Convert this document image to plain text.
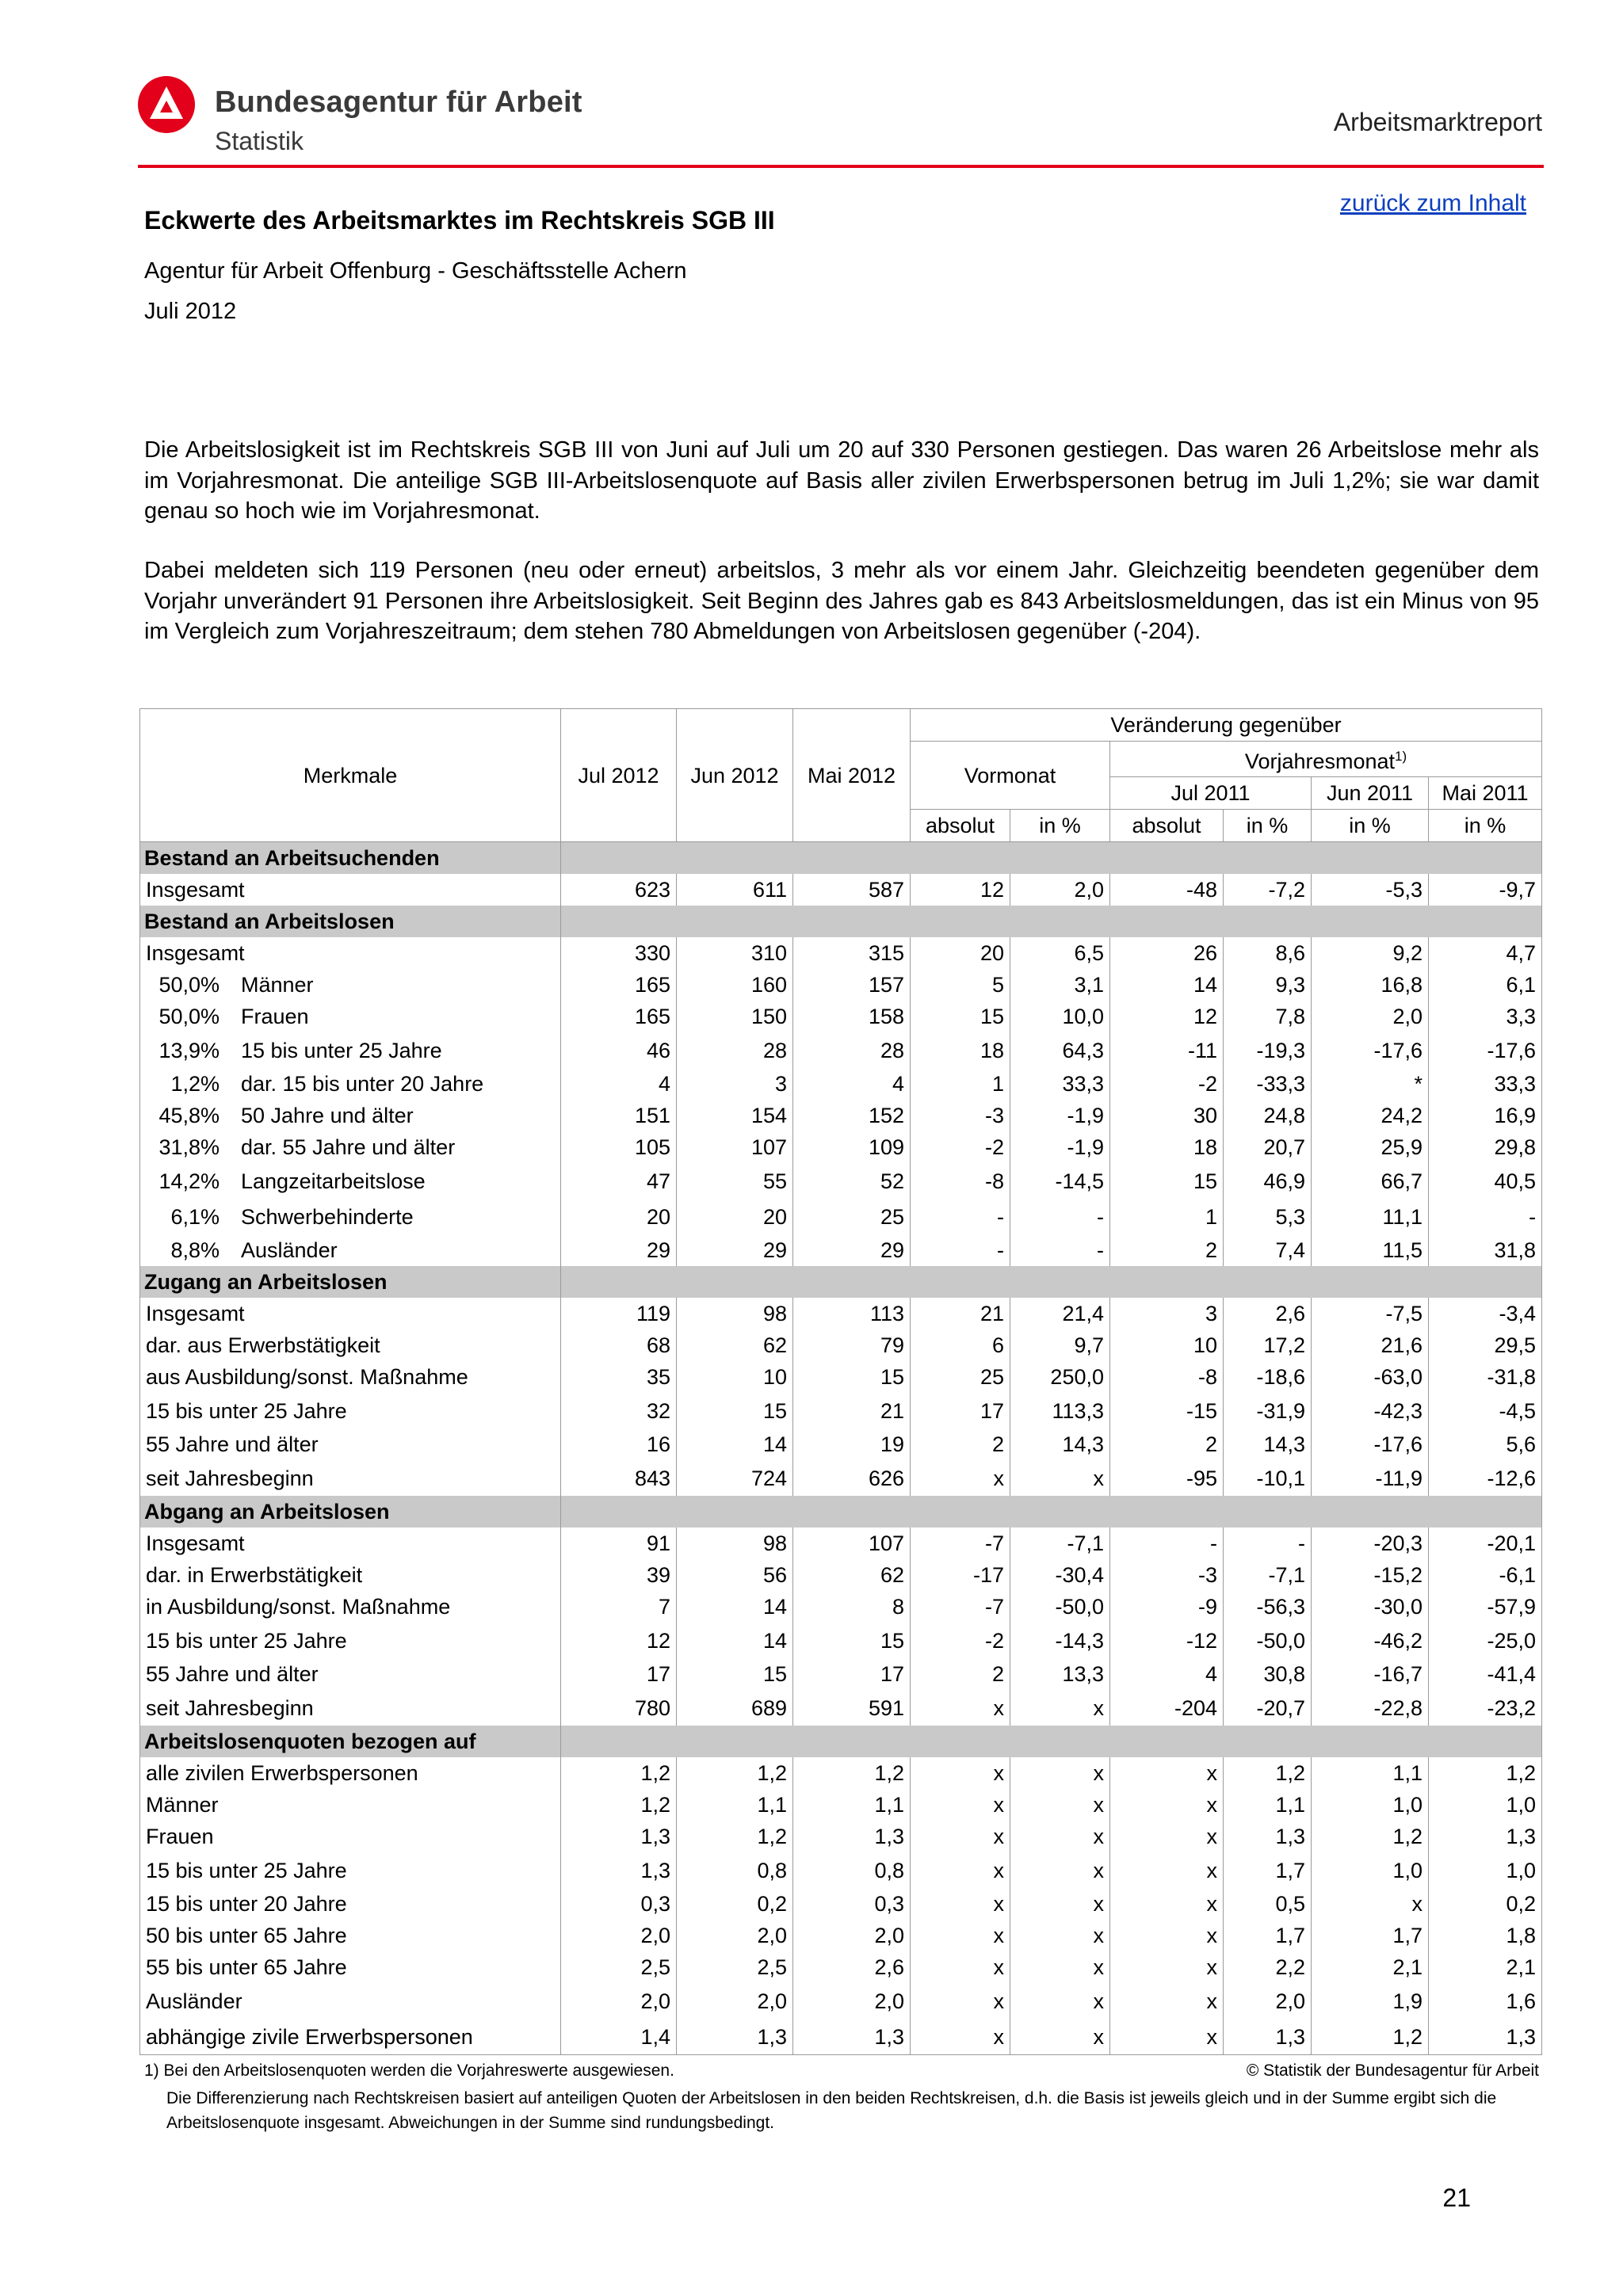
Bundesagentur für Arbeit
Statistik
Arbeitsmarktreport
zurück zum Inhalt
Eckwerte des Arbeitsmarktes im Rechtskreis SGB III
Agentur für Arbeit Offenburg - Geschäftsstelle Achern
Juli 2012

Die Arbeitslosigkeit ist im Rechtskreis SGB III von Juni auf Juli um 20 auf 330 Personen gestiegen. Das waren 26 Arbeitslose mehr als im Vorjahresmonat. Die anteilige SGB III-Arbeitslosenquote auf Basis aller zivilen Erwerbspersonen betrug im Juli 1,2%; sie war damit genau so hoch wie im Vorjahresmonat.

Dabei meldeten sich 119 Personen (neu oder erneut) arbeitslos, 3 mehr als vor einem Jahr. Gleichzeitig beendeten gegenüber dem Vorjahr unverändert 91 Personen ihre Arbeitslosigkeit. Seit Beginn des Jahres gab es 843 Arbeitslosmeldungen, das ist ein Minus von 95 im Vergleich zum Vorjahreszeitraum; dem stehen 780 Abmeldungen von Arbeitslosen gegenüber (-204).

Merkmale	Jul 2012	Jun 2012	Mai 2012	Veränderung gegenüber					
				Vormonat		Vorjahresmonat$^{1)}$
						Jul 2011		Jun 2011	Mai 2011
				absolut	in %	absolut	in %	in %	in %
Bestand an Arbeitsuchenden									
Insgesamt	623	611	587	12	2,0	-48	-7,2	-5,3	-9,7
Bestand an Arbeitslosen									
Insgesamt	330	310	315	20	6,5	26	8,6	9,2	4,7

50,0% Männer	165	160	157	5	3,1	14	9,3	16,8	6,1

50,0% Frauen	165	150	158	15	10,0	12	7,8	2,0	3,3

13,9% 15 bis unter 25 Jahre	46	28	28	18	64,3	-11	-19,3	-17,6	-17,6

1,2% dar. 15 bis unter 20 Jahre	4	3	4	1	33,3	-2	-33,3	*	33,3

45,8% 50 Jahre und älter	151	154	152	-3	-1,9	30	24,8	24,2	16,9

31,8% dar. 55 Jahre und älter	105	107	109	-2	-1,9	18	20,7	25,9	29,8

14,2% Langzeitarbeitslose	47	55	52	-8	-14,5	15	46,9	66,7	40,5

6,1% Schwerbehinderte	20	20	25	-	-	1	5,3	11,1	-

8,8% Ausländer	29	29	29	-	-	2	7,4	11,5	31,8
Zugang an Arbeitslosen									
Insgesamt	119	98	113	21	21,4	3	2,6	-7,5	-3,4
dar. aus Erwerbstätigkeit	68	62	79	6	9,7	10	17,2	21,6	29,5
aus Ausbildung/sonst. Maßnahme	35	10	15	25	250,0	-8	-18,6	-63,0	-31,8
15 bis unter 25 Jahre	32	15	21	17	113,3	-15	-31,9	-42,3	-4,5
55 Jahre und älter	16	14	19	2	14,3	2	14,3	-17,6	5,6
seit Jahresbeginn	843	724	626	x	x	-95	-10,1	-11,9	-12,6
Abgang an Arbeitslosen									
Insgesamt	91	98	107	-7	-7,1	-	-	-20,3	-20,1
dar. in Erwerbstätigkeit	39	56	62	-17	-30,4	-3	-7,1	-15,2	-6,1
in Ausbildung/sonst. Maßnahme	7	14	8	-7	-50,0	-9	-56,3	-30,0	-57,9
15 bis unter 25 Jahre	12	14	15	-2	-14,3	-12	-50,0	-46,2	-25,0
55 Jahre und älter	17	15	17	2	13,3	4	30,8	-16,7	-41,4
seit Jahresbeginn	780	689	591	x	x	-204	-20,7	-22,8	-23,2
Arbeitslosenquoten bezogen auf									
alle zivilen Erwerbspersonen	1,2	1,2	1,2	x	x	x	1,2	1,1	1,2
Männer	1,2	1,1	1,1	x	x	x	1,1	1,0	1,0
Frauen	1,3	1,2	1,3	x	x	x	1,3	1,2	1,3
15 bis unter 25 Jahre	1,3	0,8	0,8	x	x	x	1,7	1,0	1,0
15 bis unter 20 Jahre	0,3	0,2	0,3	x	x	x	0,5	x	0,2
50 bis unter 65 Jahre	2,0	2,0	2,0	x	x	x	1,7	1,7	1,8
55 bis unter 65 Jahre	2,5	2,5	2,6	x	x	x	2,2	2,1	2,1
Ausländer	2,0	2,0	2,0	x	x	x	2,0	1,9	1,6
abhängige zivile Erwerbspersonen	1,4	1,3	1,3	x	x	x	1,3	1,2	1,3
1) Bei den Arbeitslosenquoten werden die Vorjahreswerte ausgewiesen.	© Statistik der Bundesagentur für Arbeit
Die Differenzierung nach Rechtskreisen basiert auf anteiligen Quoten der Arbeitslosen in den beiden Rechtskreisen, d.h. die Basis ist jeweils gleich und in der Summe ergibt sich die Arbeitslosenquote insgesamt. Abweichungen in der Summe sind rundungsbedingt.
21
